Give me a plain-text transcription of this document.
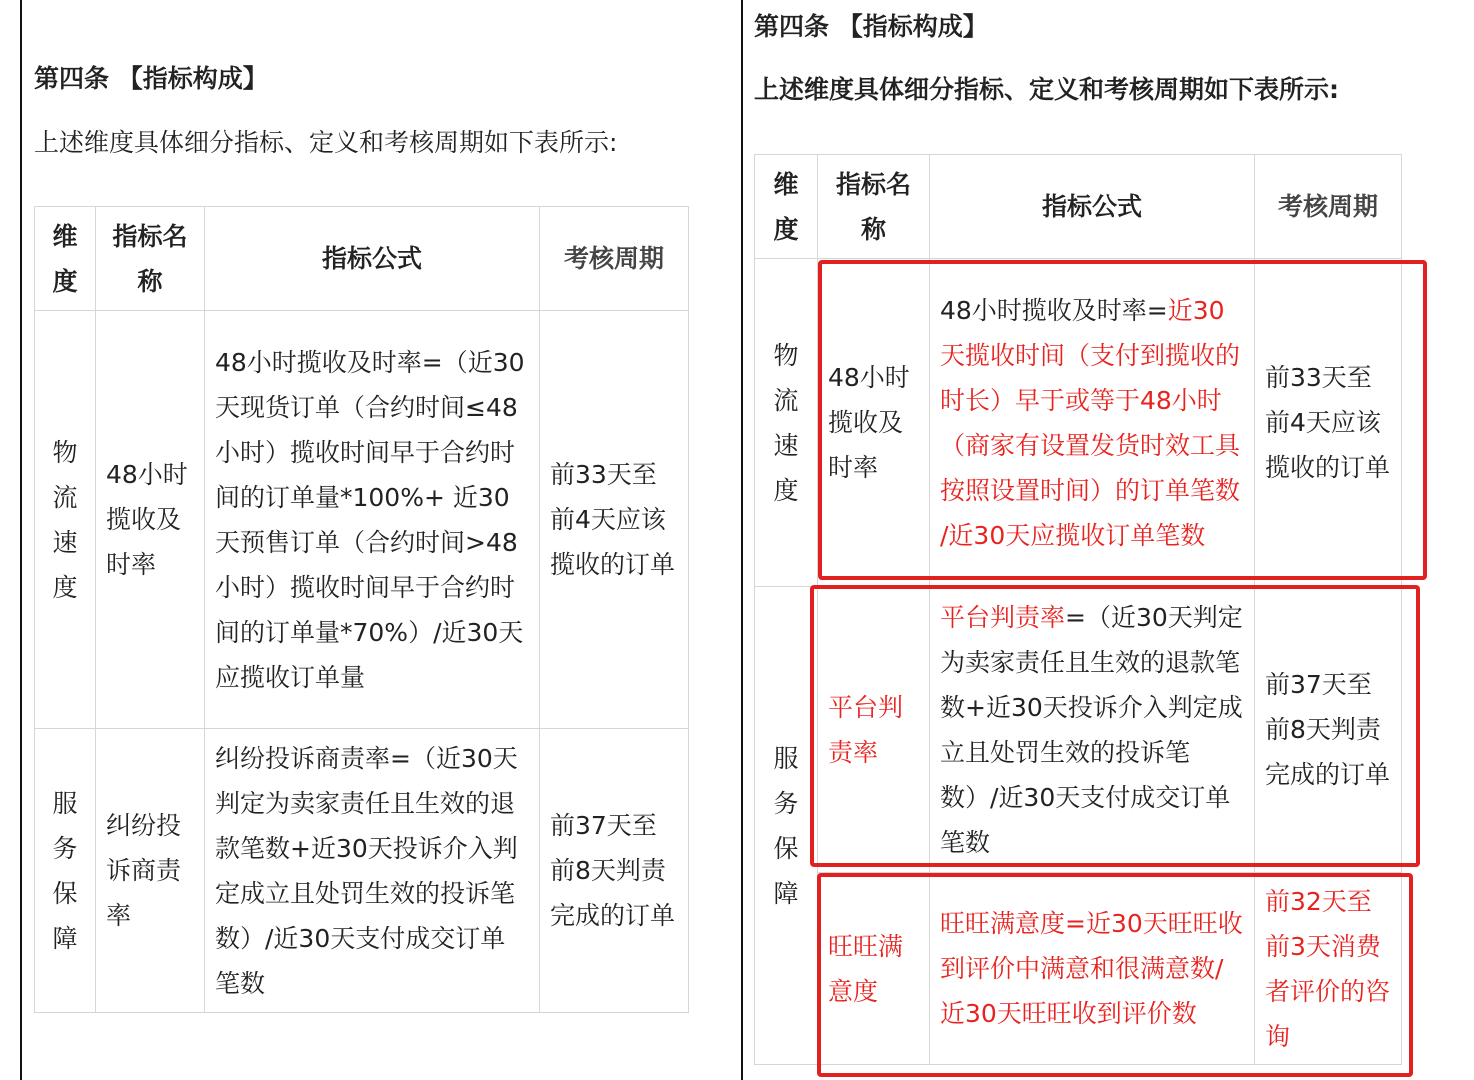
第四条 【指标构成】
上述维度具体细分指标、定义和考核周期如下表所示:
维度	指标名称	指标公式	考核周期
物流速度	48小时揽收及时率	48小时揽收及时率=（近30天现货订单（合约时间≤48小时）揽收时间早于合约时间的订单量*100%+ 近30天预售订单（合约时间>48小时）揽收时间早于合约时间的订单量*70%）/近30天应揽收订单量	前33天至前4天应该揽收的订单
服务保障	纠纷投诉商责率	纠纷投诉商责率=（近30天判定为卖家责任且生效的退款笔数+近30天投诉介入判定成立且处罚生效的投诉笔数）/近30天支付成交订单笔数	前37天至前8天判责完成的订单
第四条 【指标构成】
上述维度具体细分指标、定义和考核周期如下表所示:
维度	指标名称	指标公式	考核周期
物流速度	48小时揽收及时率	48小时揽收及时率=近30天揽收时间（支付到揽收的时长）早于或等于48小时（商家有设置发货时效工具按照设置时间）的订单笔数 /近30天应揽收订单笔数	前33天至前4天应该揽收的订单
服务保障	平台判责率	平台判责率=（近30天判定为卖家责任且生效的退款笔数+近30天投诉介入判定成立且处罚生效的投诉笔数）/近30天支付成交订单笔数	前37天至前8天判责完成的订单
	旺旺满意度	旺旺满意度=近30天旺旺收到评价中满意和很满意数/近30天旺旺收到评价数	前32天至前3天消费者评价的咨询
